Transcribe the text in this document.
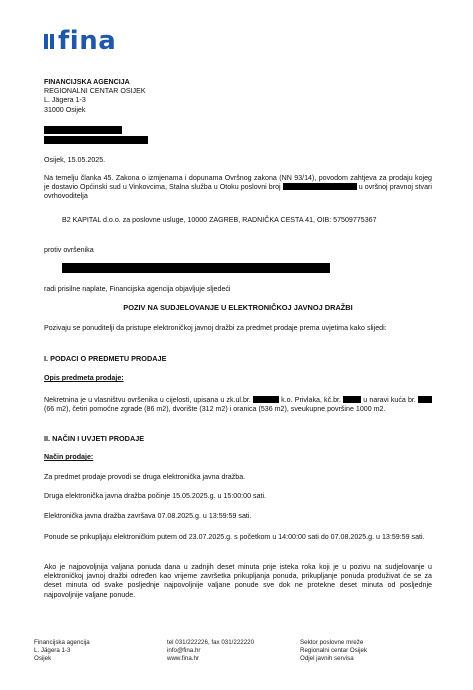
fina
FINANCIJSKA AGENCIJA
REGIONALNI CENTAR OSIJEK
L. Jägera 1-3
31000 Osijek
Osijek, 15.05.2025.
Na temelju članka 45. Zakona o izmjenama i dopunama Ovršnog zakona (NN 93/14), povodom zahtjeva za prodaju kojeg je dostavio Općinski sud u Vinkovcima, Stalna služba u Otoku poslovni broj	u ovršnoj pravnoj stvari ovrhovoditelja
B2 KAPITAL d.o.o. za poslovne usluge, 10000 ZAGREB, RADNIČKA CESTA 41, OIB: 57509775367
protiv ovršenika
radi prisilne naplate, Financijska agencija objavljuje sljedeći
POZIV NA SUDJELOVANJE U ELEKTRONIČKOJ JAVNOJ DRAŽBI
Pozivaju se ponuditelji da pristupe elektroničkoj javnoj dražbi za predmet prodaje prema uvjetima kako slijedi:
I. PODACI O PREDMETU PRODAJE
Opis predmeta prodaje:
Nekretnina je u vlasništvu ovršenika u cijelosti, upisana u zk.ul.br.	k.o. Privlaka, kč.br.	u naravi kuća br.  (66 m2), četiri pomoćne zgrade (86 m2), dvorište (312 m2) i oranica (536 m2), sveukupne površine 1000 m2.
II. NAČIN I UVJETI PRODAJE
Način prodaje:
Za predmet prodaje provodi se druga elektronička javna dražba.
Druga elektronička javna dražba počinje 15.05.2025.g. u 15:00:00 sati.
Elektronička javna dražba završava 07.08.2025.g. u 13:59:59 sati.
Ponude se prikupljaju elektroničkim putem od 23.07.2025.g. s početkom u 14:00:00 sati do 07.08.2025.g. u 13:59:59 sati.
Ako je najpovoljnija valjana ponuda dana u zadnjih deset minuta prije isteka roka koji je u pozivu na sudjelovanje u elektroničkoj javnoj dražbi određen kao vrijeme završetka prikupljanja ponuda, prikupljanje ponuda produživat će se za deset minuta od svake posljednje najpovoljnije valjane ponude sve dok ne protekne deset minuta od posljednje najpovoljnije valjane ponude.
Financijska agencija
L. Jägera 1-3
Osijek
tel 031/222226, fax 031/222220
info@fina.hr
www.fina.hr
Sektor poslovne mreže
Regionalni centar Osijek
Odjel javnih servisa
